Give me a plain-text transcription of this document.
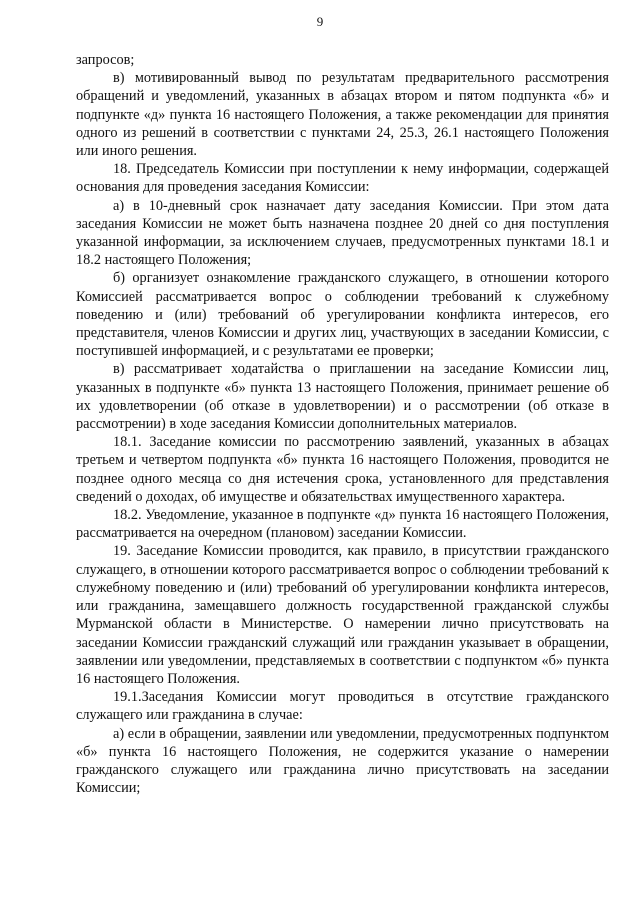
9

запросов;

в) мотивированный вывод по результатам предварительного рассмотрения обращений и уведомлений, указанных в абзацах втором и пятом подпункта «б» и подпункте «д» пункта 16 настоящего Положения, а также рекомендации для принятия одного из решений в соответствии с пунктами 24, 25.3, 26.1 настоящего Положения или иного решения.

18. Председатель Комиссии при поступлении к нему информации, содержащей основания для проведения заседания Комиссии:

а) в 10-дневный срок назначает дату заседания Комиссии. При этом дата заседания Комиссии не может быть назначена позднее 20 дней со дня поступления указанной информации, за исключением случаев, предусмотренных пунктами 18.1 и 18.2 настоящего Положения;

б) организует ознакомление гражданского служащего, в отношении которого Комиссией рассматривается вопрос о соблюдении требований к служебному поведению и (или) требований об урегулировании конфликта интересов, его представителя, членов Комиссии и других лиц, участвующих в заседании Комиссии, с поступившей информацией, и с результатами ее проверки;

в) рассматривает ходатайства о приглашении на заседание Комиссии лиц, указанных в подпункте «б» пункта 13 настоящего Положения, принимает решение об их удовлетворении (об отказе в удовлетворении) и о рассмотрении (об отказе в рассмотрении) в ходе заседания Комиссии дополнительных материалов.

18.1. Заседание комиссии по рассмотрению заявлений, указанных в абзацах третьем и четвертом подпункта «б» пункта 16 настоящего Положения, проводится не позднее одного месяца со дня истечения срока, установленного для представления сведений о доходах, об имуществе и обязательствах имущественного характера.

18.2. Уведомление, указанное в подпункте «д» пункта 16 настоящего Положения, рассматривается на очередном (плановом) заседании Комиссии.

19. Заседание Комиссии проводится, как правило, в присутствии гражданского служащего, в отношении которого рассматривается вопрос о соблюдении требований к служебному поведению и (или) требований об урегулировании конфликта интересов, или гражданина, замещавшего должность государственной гражданской службы Мурманской области в Министерстве. О намерении лично присутствовать на заседании Комиссии гражданский служащий или гражданин указывает в обращении, заявлении или уведомлении, представляемых в соответствии с подпунктом «б» пункта 16 настоящего Положения.

19.1.Заседания Комиссии могут проводиться в отсутствие гражданского служащего или гражданина в случае:

а) если в обращении, заявлении или уведомлении, предусмотренных подпунктом «б» пункта 16 настоящего Положения, не содержится указание о намерении гражданского служащего или гражданина лично присутствовать на заседании Комиссии;
